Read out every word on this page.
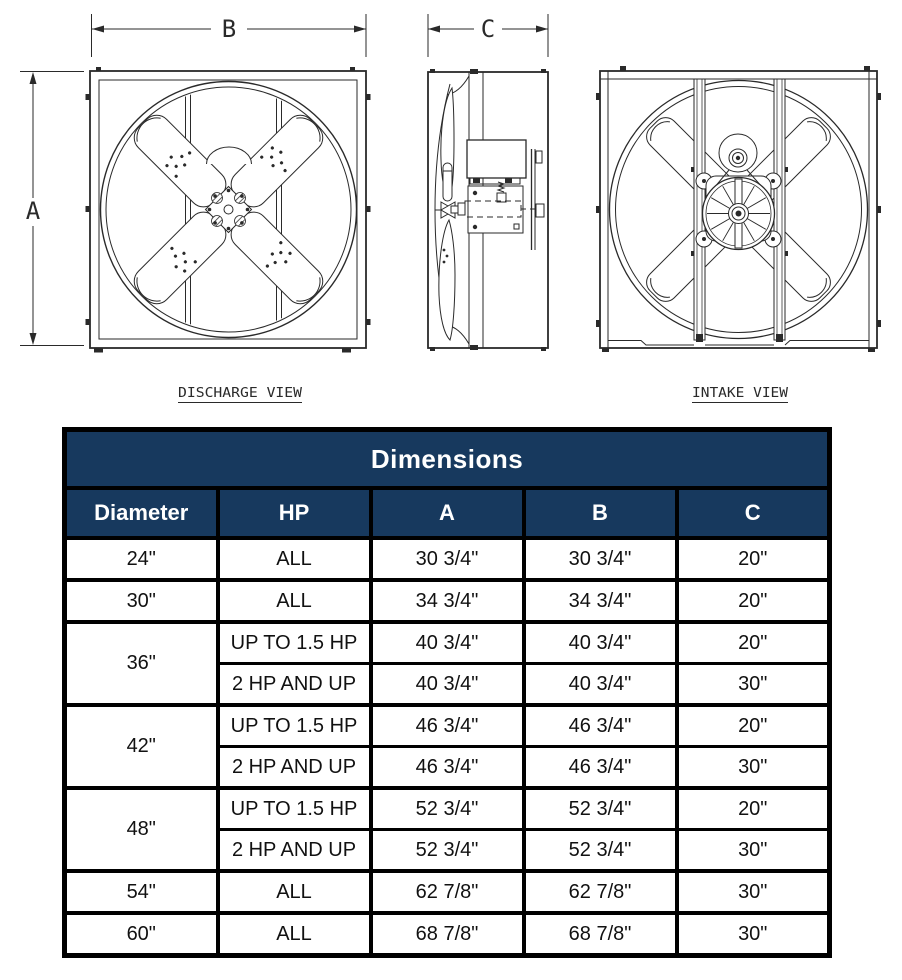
B
A
C
DISCHARGE VIEW	INTAKE VIEW
Dimensions				
Diameter	HP	A	B	C
24"	ALL	30 3/4"	30 3/4"	20"
30"	ALL	34 3/4"	34 3/4"	20"
36"	UP TO 1.5 HP	40 3/4"	40 3/4"	20"
	2 HP AND UP	40 3/4"	40 3/4"	30"
42"	UP TO 1.5 HP	46 3/4"	46 3/4"	20"
	2 HP AND UP	46 3/4"	46 3/4"	30"
48"	UP TO 1.5 HP	52 3/4"	52 3/4"	20"
	2 HP AND UP	52 3/4"	52 3/4"	30"
54"	ALL	62 7/8"	62 7/8"	30"
60"	ALL	68 7/8"	68 7/8"	30"
